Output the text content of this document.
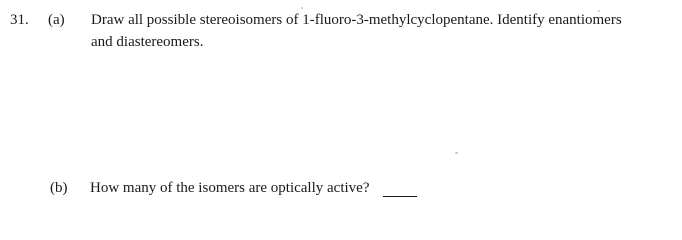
31. (a) Draw all possible stereoisomers of 1-fluoro-3-methylcyclopentane. Identify enantiomers
and diastereomers.
(b) How many of the isomers are optically active?
